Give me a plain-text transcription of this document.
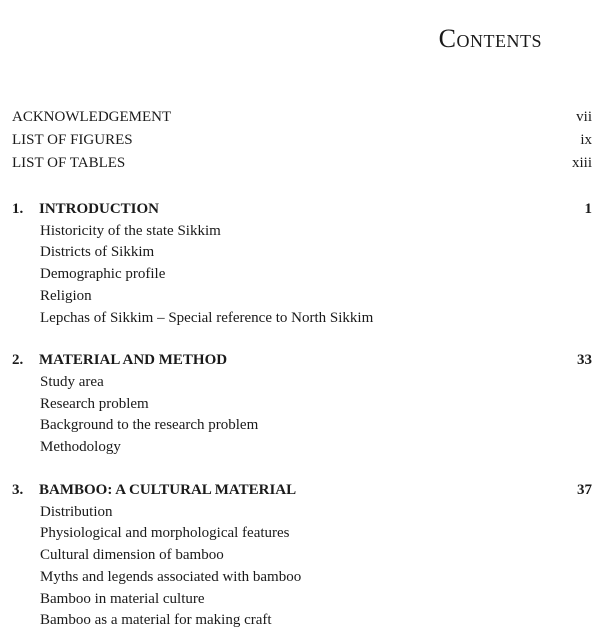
Contents
ACKNOWLEDGEMENT	vii
LIST OF FIGURES	ix
LIST OF TABLES	xiii
1. INTRODUCTION	1
Historicity of the state Sikkim
Districts of Sikkim
Demographic profile
Religion
Lepchas of Sikkim – Special reference to North Sikkim
2. MATERIAL AND METHOD	33
Study area
Research problem
Background to the research problem
Methodology
3. BAMBOO: A CULTURAL MATERIAL	37
Distribution
Physiological and morphological features
Cultural dimension of bamboo
Myths and legends associated with bamboo
Bamboo in material culture
Bamboo as a material for making craft
